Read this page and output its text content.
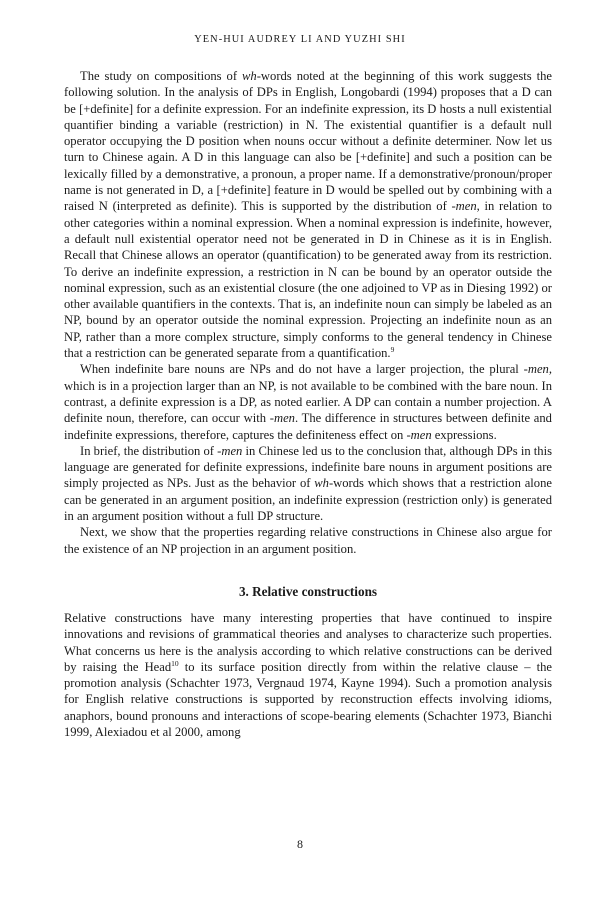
YEN-HUI AUDREY LI AND YUZHI SHI

The study on compositions of wh-words noted at the beginning of this work suggests the following solution. In the analysis of DPs in English, Longobardi (1994) proposes that a D can be [+definite] for a definite expression. For an indefinite expression, its D hosts a null existential quantifier binding a variable (restriction) in N. The existential quantifier is a default null operator occupying the D position when nouns occur without a definite determiner. Now let us turn to Chinese again. A D in this language can also be [+definite] and such a position can be lexically filled by a demonstrative, a pronoun, a proper name. If a demonstrative/pronoun/proper name is not generated in D, a [+definite] feature in D would be spelled out by combining with a raised N (interpreted as definite). This is supported by the distribution of -men, in relation to other categories within a nominal expression. When a nominal expression is indefinite, however, a default null existential operator need not be generated in D in Chinese as it is in English. Recall that Chinese allows an operator (quantification) to be generated away from its restriction. To derive an indefinite expression, a restriction in N can be bound by an operator outside the nominal expression, such as an existential closure (the one adjoined to VP as in Diesing 1992) or other available quantifiers in the contexts. That is, an indefinite noun can simply be labeled as an NP, bound by an operator outside the nominal expression. Projecting an indefinite noun as an NP, rather than a more complex structure, simply conforms to the general tendency in Chinese that a restriction can be generated separate from a quantification.$^9$

When indefinite bare nouns are NPs and do not have a larger projection, the plural -men, which is in a projection larger than an NP, is not available to be combined with the bare noun. In contrast, a definite expression is a DP, as noted earlier. A DP can contain a number projection. A definite noun, therefore, can occur with -men. The difference in structures between definite and indefinite expressions, therefore, captures the definiteness effect on -men expressions.

In brief, the distribution of -men in Chinese led us to the conclusion that, although DPs in this language are generated for definite expressions, indefinite bare nouns in argument positions are simply projected as NPs. Just as the behavior of wh-words which shows that a restriction alone can be generated in an argument position, an indefinite expression (restriction only) is generated in an argument position without a full DP structure.

Next, we show that the properties regarding relative constructions in Chinese also argue for the existence of an NP projection in an argument position.

3. Relative constructions

Relative constructions have many interesting properties that have continued to inspire innovations and revisions of grammatical theories and analyses to characterize such properties. What concerns us here is the analysis according to which relative constructions can be derived by raising the Head$^{10}$ to its surface position directly from within the relative clause – the promotion analysis (Schachter 1973, Vergnaud 1974, Kayne 1994). Such a promotion analysis for English relative constructions is supported by reconstruction effects involving idioms, anaphors, bound pronouns and interactions of scope-bearing elements (Schachter 1973, Bianchi 1999, Alexiadou et al 2000, among

8
